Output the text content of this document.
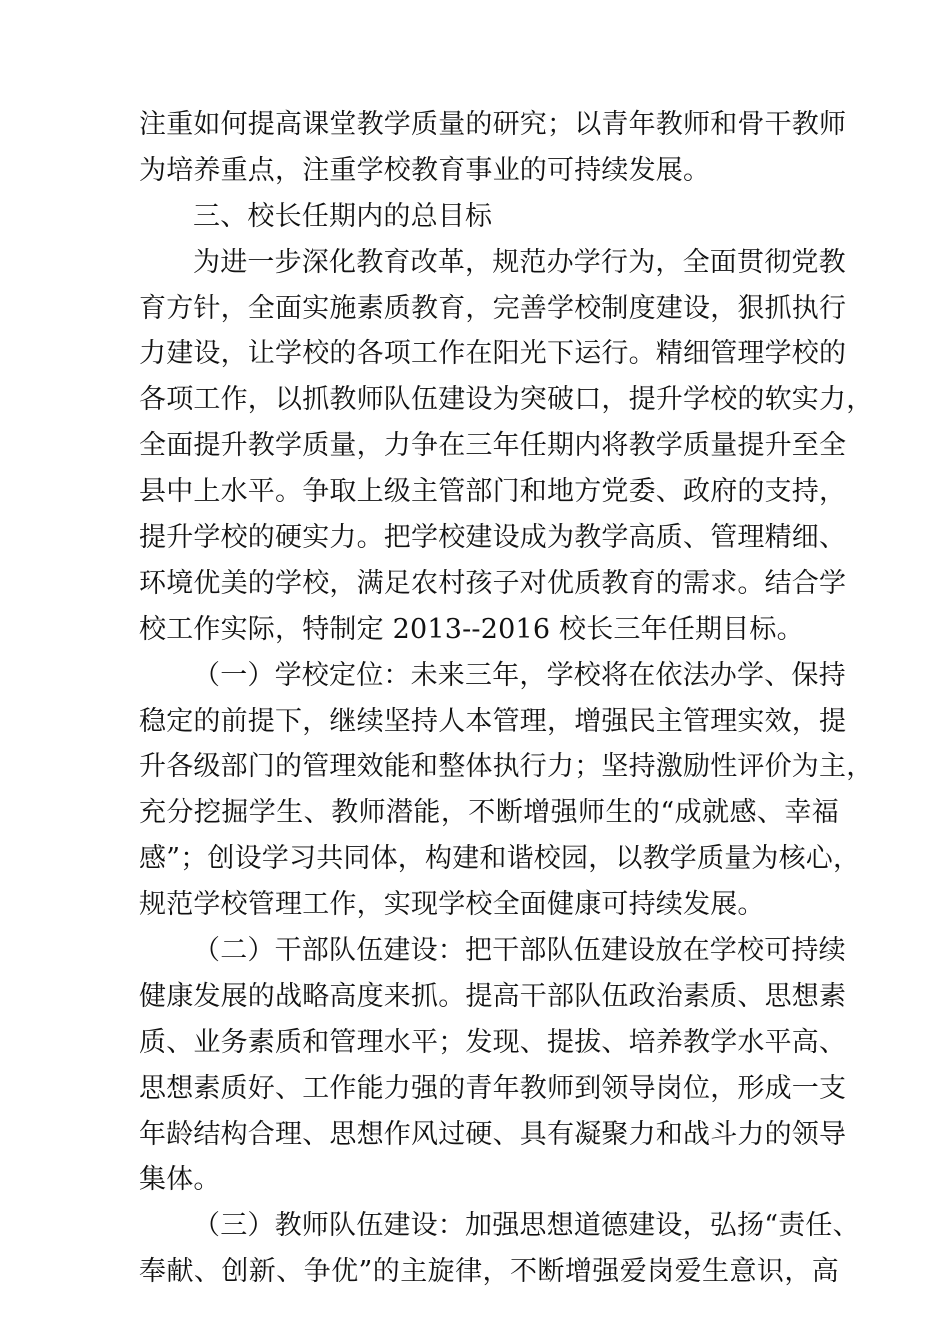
注重如何提高课堂教学质量的研究；以青年教师和骨干教师
为培养重点，注重学校教育事业的可持续发展。
三、校长任期内的总目标
为进一步深化教育改革，规范办学行为，全面贯彻党教
育方针，全面实施素质教育，完善学校制度建设，狠抓执行
力建设，让学校的各项工作在阳光下运行。精细管理学校的
各项工作，以抓教师队伍建设为突破口，提升学校的软实力，
全面提升教学质量，力争在三年任期内将教学质量提升至全
县中上水平。争取上级主管部门和地方党委、政府的支持，
提升学校的硬实力。把学校建设成为教学高质、管理精细、
环境优美的学校，满足农村孩子对优质教育的需求。结合学
校工作实际，特制定 2013--2016 校长三年任期目标。
（一）学校定位：未来三年，学校将在依法办学、保持
稳定的前提下，继续坚持人本管理，增强民主管理实效，提
升各级部门的管理效能和整体执行力；坚持激励性评价为主，
充分挖掘学生、教师潜能，不断增强师生的“成就感、幸福
感”；创设学习共同体，构建和谐校园，以教学质量为核心，
规范学校管理工作，实现学校全面健康可持续发展。
（二）干部队伍建设：把干部队伍建设放在学校可持续
健康发展的战略高度来抓。提高干部队伍政治素质、思想素
质、业务素质和管理水平；发现、提拔、培养教学水平高、
思想素质好、工作能力强的青年教师到领导岗位，形成一支
年龄结构合理、思想作风过硬、具有凝聚力和战斗力的领导
集体。
（三）教师队伍建设：加强思想道德建设，弘扬“责任、
奉献、创新、争优”的主旋律，不断增强爱岗爱生意识，高
